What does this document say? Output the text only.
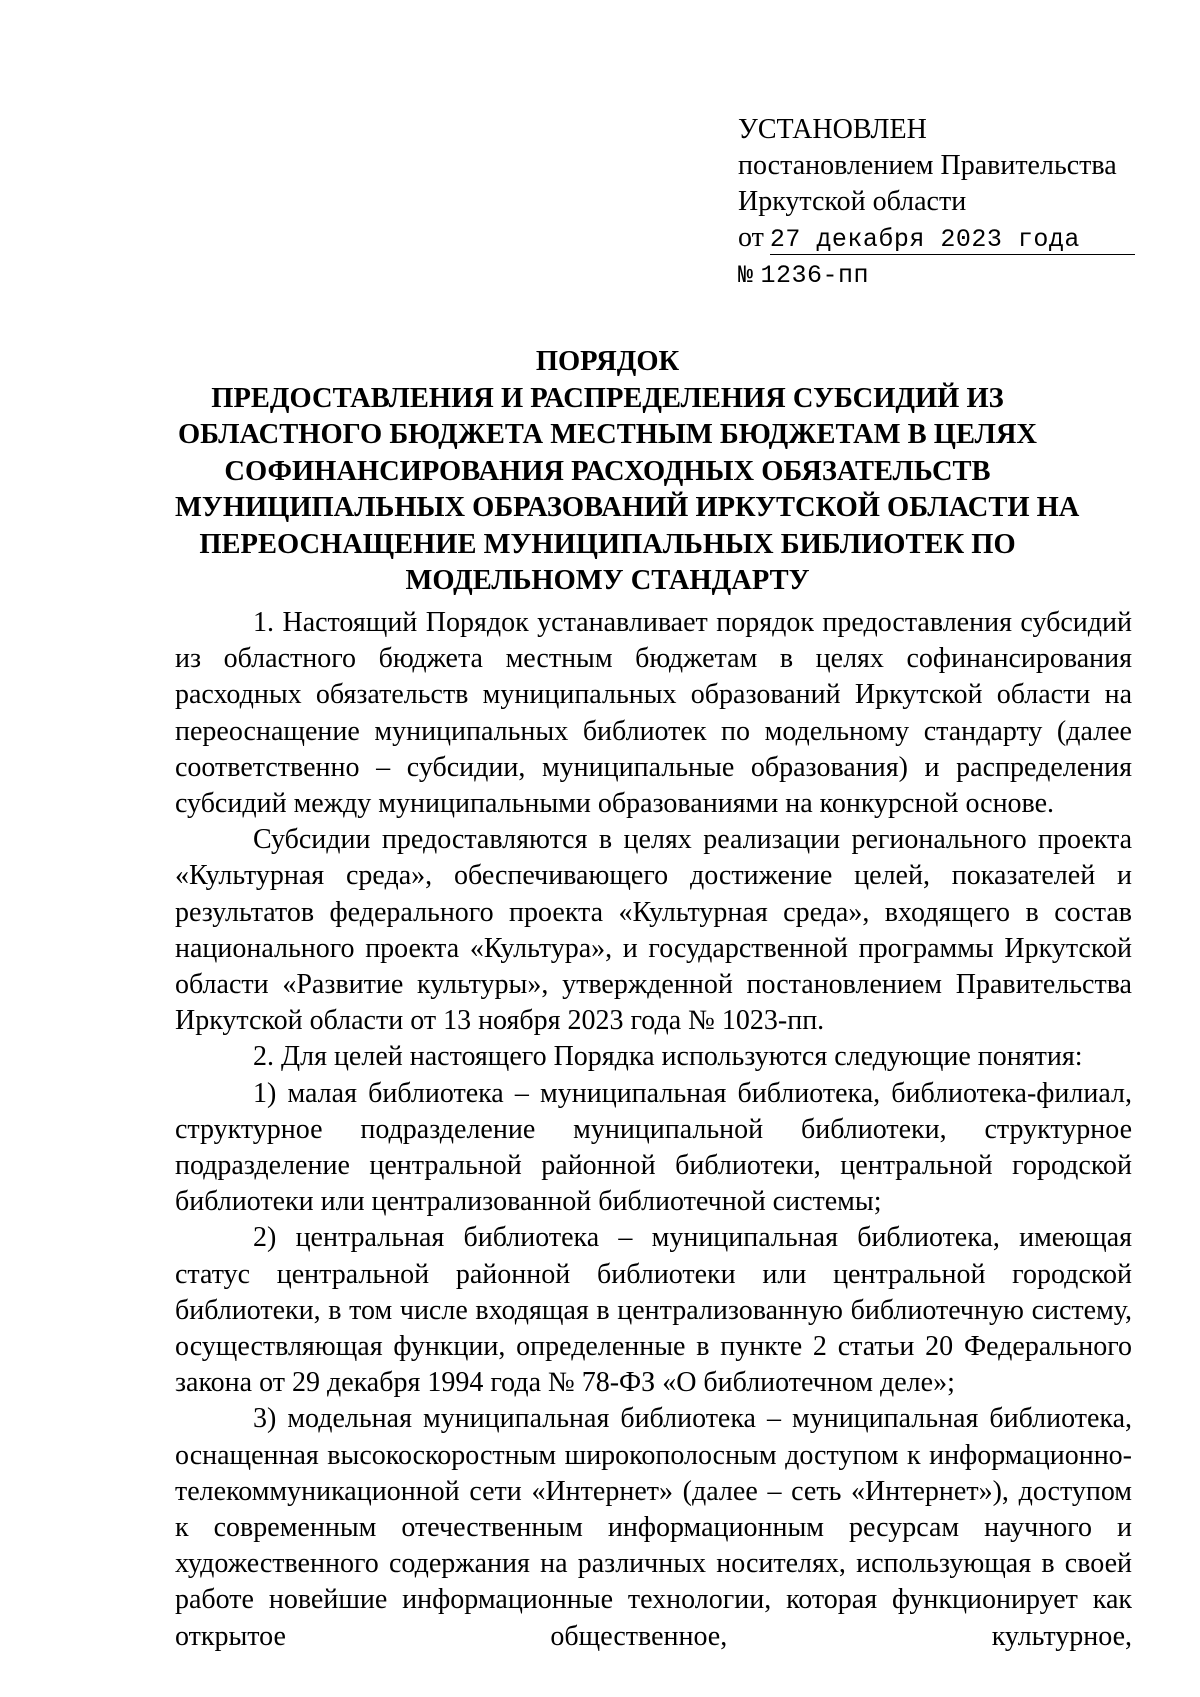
УСТАНОВЛЕН
постановлением Правительства
Иркутской области
от 27 декабря 2023 года
№ 1236-пп
ПОРЯДОК
ПРЕДОСТАВЛЕНИЯ И РАСПРЕДЕЛЕНИЯ СУБСИДИЙ ИЗ
ОБЛАСТНОГО БЮДЖЕТА МЕСТНЫМ БЮДЖЕТАМ В ЦЕЛЯХ
СОФИНАНСИРОВАНИЯ РАСХОДНЫХ ОБЯЗАТЕЛЬСТВ
МУНИЦИПАЛЬНЫХ ОБРАЗОВАНИЙ ИРКУТСКОЙ ОБЛАСТИ НА
ПЕРЕОСНАЩЕНИЕ МУНИЦИПАЛЬНЫХ БИБЛИОТЕК ПО
МОДЕЛЬНОМУ СТАНДАРТУ

1. Настоящий Порядок устанавливает порядок предоставления субсидий из областного бюджета местным бюджетам в целях софинансирования расходных обязательств муниципальных образований Иркутской области на переоснащение муниципальных библиотек по модельному стандарту (далее соответственно – субсидии, муниципальные образования) и распределения субсидий между муниципальными образованиями на конкурсной основе.

Субсидии предоставляются в целях реализации регионального проекта «Культурная среда», обеспечивающего достижение целей, показателей и результатов федерального проекта «Культурная среда», входящего в состав национального проекта «Культура», и государственной программы Иркутской области «Развитие культуры», утвержденной постановлением Правительства Иркутской области от 13 ноября 2023 года № 1023-пп.

2. Для целей настоящего Порядка используются следующие понятия:

1) малая библиотека – муниципальная библиотека, библиотека-филиал, структурное подразделение муниципальной библиотеки, структурное подразделение центральной районной библиотеки, центральной городской библиотеки или централизованной библиотечной системы;

2) центральная библиотека – муниципальная библиотека, имеющая статус центральной районной библиотеки или центральной городской библиотеки, в том числе входящая в централизованную библиотечную систему, осуществляющая функции, определенные в пункте 2 статьи 20 Федерального закона от 29 декабря 1994 года № 78-ФЗ «О библиотечном деле»;

3) модельная муниципальная библиотека – муниципальная библиотека, оснащенная высокоскоростным широкополосным доступом к информационно-телекоммуникационной сети «Интернет» (далее – сеть «Интернет»), доступом к современным отечественным информационным ресурсам научного и художественного содержания на различных носителях, использующая в своей работе новейшие информационные технологии, которая функционирует как открытое общественное, культурное,
